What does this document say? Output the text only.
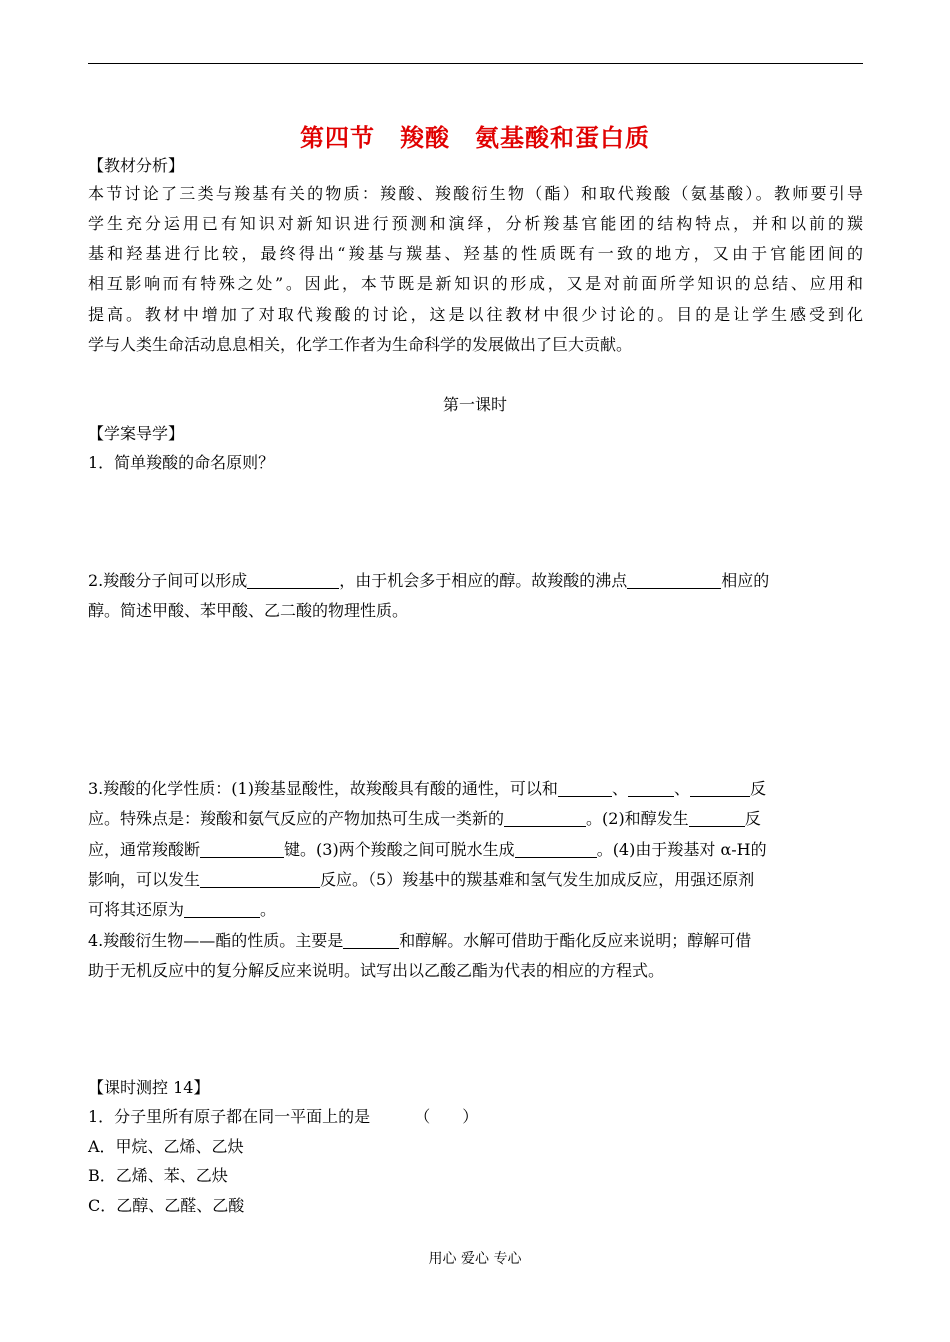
第四节　羧酸　氨基酸和蛋白质
【教材分析】
本节讨论了三类与羧基有关的物质：羧酸、羧酸衍生物（酯）和取代羧酸（氨基酸）。教师要引导
学生充分运用已有知识对新知识进行预测和演绎，分析羧基官能团的结构特点，并和以前的羰
基和羟基进行比较，最终得出“羧基与羰基、羟基的性质既有一致的地方，又由于官能团间的
相互影响而有特殊之处”。因此，本节既是新知识的形成，又是对前面所学知识的总结、应用和
提高。教材中增加了对取代羧酸的讨论，这是以往教材中很少讨论的。目的是让学生感受到化
学与人类生命活动息息相关，化学工作者为生命科学的发展做出了巨大贡献。
第一课时
【学案导学】
1．简单羧酸的命名原则？
2.羧酸分子间可以形成	，由于机会多于相应的醇。故羧酸的沸点	相应的
醇。简述甲酸、苯甲酸、乙二酸的物理性质。
3.羧酸的化学性质：(1)羧基显酸性，故羧酸具有酸的通性，可以和	、	、	反
应。特殊点是：羧酸和氨气反应的产物加热可生成一类新的	。(2)和醇发生	反
应，通常羧酸断	键。(3)两个羧酸之间可脱水生成	。(4)由于羧基对 α-H的
影响，可以发生	反应。（5）羧基中的羰基难和氢气发生加成反应，用强还原剂
可将其还原为	。
4.羧酸衍生物——酯的性质。主要是	和醇解。水解可借助于酯化反应来说明；醇解可借
助于无机反应中的复分解反应来说明。试写出以乙酸乙酯为代表的相应的方程式。
【课时测控 14】
1．分子里所有原子都在同一平面上的是	（　　）
A．甲烷、乙烯、乙炔
B．乙烯、苯、乙炔
C．乙醇、乙醛、乙酸
用心 爱心 专心
